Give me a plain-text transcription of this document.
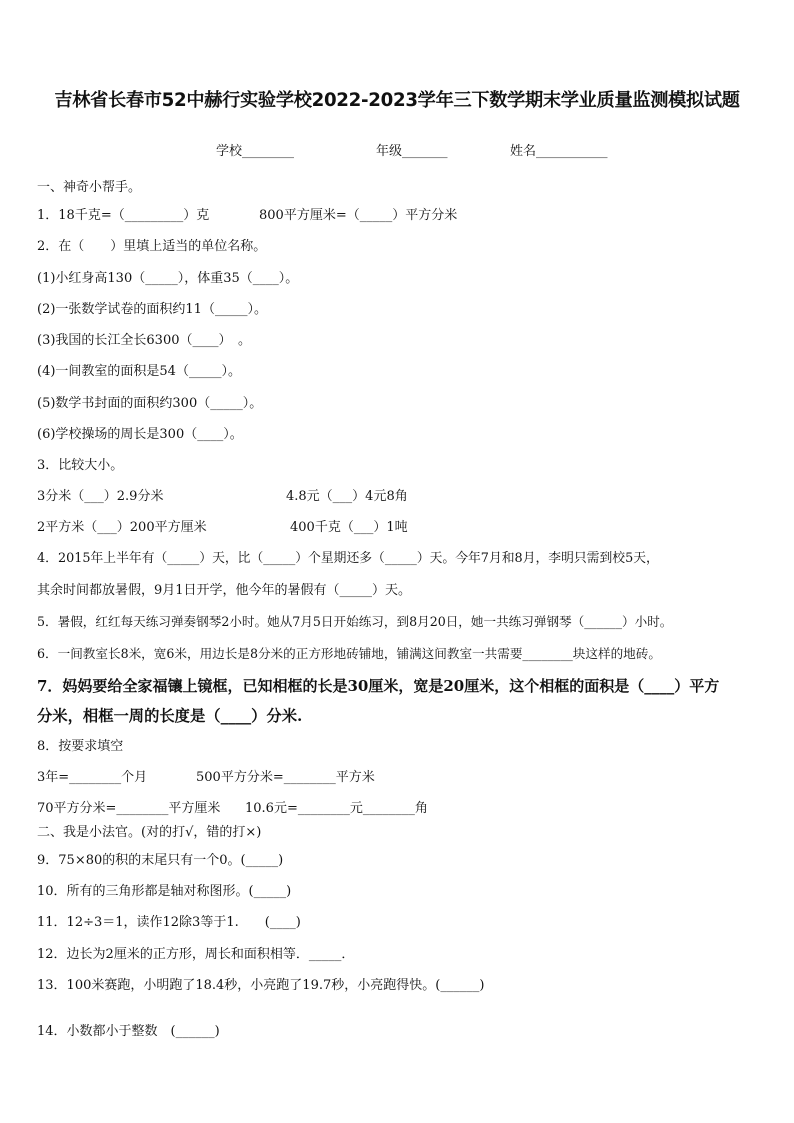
吉林省长春市52中赫行实验学校2022-2023学年三下数学期末学业质量监测模拟试题
学校________	年级_______	姓名___________
一、神奇小帮手。
1．18千克=（_________）克	800平方厘米=（_____）平方分米
2．在（　　）里填上适当的单位名称。
(1)小红身高130（_____），体重35（____）。
(2)一张数学试卷的面积约11（_____）。
(3)我国的长江全长6300（____）　。
(4)一间教室的面积是54（_____）。
(5)数学书封面的面积约300（_____）。
(6)学校操场的周长是300（____）。
3．比较大小。
3分米（___）2.9分米	4.8元（___）4元8角
2平方米（___）200平方厘米	400千克（___）1吨
4．2015年上半年有（_____）天，比（_____）个星期还多（_____）天。今年7月和8月，李明只需到校5天，
其余时间都放暑假，9月1日开学，他今年的暑假有（_____）天。
5．暑假，红红每天练习弹奏钢琴2小时。她从7月5日开始练习，到8月20日，她一共练习弹钢琴（______）小时。
6．一间教室长8米，宽6米，用边长是8分米的正方形地砖铺地，铺满这间教室一共需要________块这样的地砖。
7．妈妈要给全家福镶上镜框，已知相框的长是30厘米，宽是20厘米，这个相框的面积是（____）平方
分米，相框一周的长度是（____）分米.
8．按要求填空
3年=________个月	500平方分米=________平方米
70平方分米=________平方厘米 10.6元=________元________角
二、我是小法官。(对的打√，错的打×)
9．75×80的积的末尾只有一个0。(_____)
10．所有的三角形都是轴对称图形。(_____)
11．12÷3＝1，读作12除3等于1.　　(____)
12．边长为2厘米的正方形，周长和面积相等．_____．
13．100米赛跑，小明跑了18.4秒，小亮跑了19.7秒，小亮跑得快。(______)
14．小数都小于整数　(______)
